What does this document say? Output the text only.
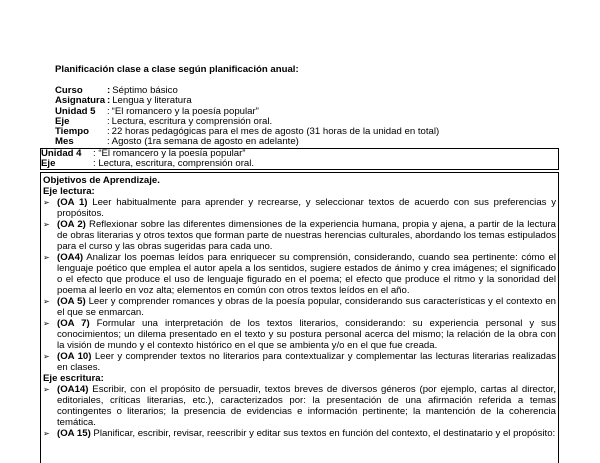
Planificación clase a clase según planificación anual:
Curso	: Séptimo básico
Asignatura : Lengua y literatura
Unidad 5	: “El romancero y la poesía popular”
Eje	: Lectura, escritura y comprensión oral.
Tiempo	: 22 horas pedagógicas para el mes de agosto (31 horas de la unidad en total)
Mes	: Agosto (1ra semana de agosto en adelante)
Unidad 4	: “El romancero y la poesía popular”
Eje	: Lectura, escritura, comprensión oral.
Objetivos de Aprendizaje.
Eje lectura:
➢ (OA 1) Leer habitualmente para aprender y recrearse, y seleccionar textos de acuerdo con sus preferencias y propósitos.
➢ (OA 2) Reflexionar sobre las diferentes dimensiones de la experiencia humana, propia y ajena, a partir de la lectura de obras literarias y otros textos que forman parte de nuestras herencias culturales, abordando los temas estipulados para el curso y las obras sugeridas para cada uno.
➢ (OA4) Analizar los poemas leídos para enriquecer su comprensión, considerando, cuando sea pertinente: cómo el lenguaje poético que emplea el autor apela a los sentidos, sugiere estados de ánimo y crea imágenes; el significado o el efecto que produce el uso de lenguaje figurado en el poema; el efecto que produce el ritmo y la sonoridad del poema al leerlo en voz alta; elementos en común con otros textos leídos en el año.
➢ (OA 5) Leer y comprender romances y obras de la poesía popular, considerando sus características y el contexto en el que se enmarcan.
➢ (OA 7) Formular una interpretación de los textos literarios, considerando: su experiencia personal y sus conocimientos; un dilema presentado en el texto y su postura personal acerca del mismo; la relación de la obra con la visión de mundo y el contexto histórico en el que se ambienta y/o en el que fue creada.
➢ (OA 10) Leer y comprender textos no literarios para contextualizar y complementar las lecturas literarias realizadas en clases.
Eje escritura:
➢ (OA14) Escribir, con el propósito de persuadir, textos breves de diversos géneros (por ejemplo, cartas al director, editoriales, críticas literarias, etc.), caracterizados por: la presentación de una afirmación referida a temas contingentes o literarios; la presencia de evidencias e información pertinente; la mantención de la coherencia temática.
➢ (OA 15) Planificar, escribir, revisar, reescribir y editar sus textos en función del contexto, el destinatario y el propósito:
